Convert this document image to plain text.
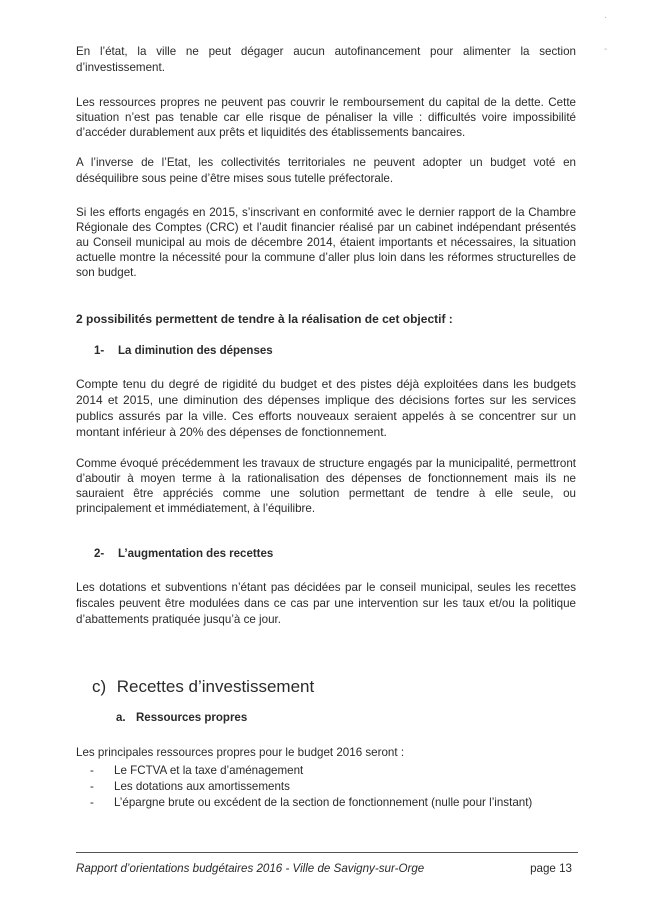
En l’état, la ville ne peut dégager aucun autofinancement pour alimenter la section d’investissement.

Les ressources propres ne peuvent pas couvrir le remboursement du capital de la dette. Cette situation n’est pas tenable car elle risque de pénaliser la ville : difficultés voire impossibilité d’accéder durablement aux prêts et liquidités des établissements bancaires.

A l’inverse de l’Etat, les collectivités territoriales ne peuvent adopter un budget voté en déséquilibre sous peine d’être mises sous tutelle préfectorale.

Si les efforts engagés en 2015, s’inscrivant en conformité avec le dernier rapport de la Chambre Régionale des Comptes (CRC) et l’audit financier réalisé par un cabinet indépendant présentés au Conseil municipal au mois de décembre 2014, étaient importants et nécessaires, la situation actuelle montre la nécessité pour la commune d’aller plus loin dans les réformes structurelles de son budget.

2 possibilités permettent de tendre à la réalisation de cet objectif :

1- La diminution des dépenses

Compte tenu du degré de rigidité du budget et des pistes déjà exploitées dans les budgets 2014 et 2015, une diminution des dépenses implique des décisions fortes sur les services publics assurés par la ville. Ces efforts nouveaux seraient appelés à se concentrer sur un montant inférieur à 20% des dépenses de fonctionnement.

Comme évoqué précédemment les travaux de structure engagés par la municipalité, permettront d’aboutir à moyen terme à la rationalisation des dépenses de fonctionnement mais ils ne sauraient être appréciés comme une solution permettant de tendre à elle seule, ou principalement et immédiatement, à l’équilibre.

2- L’augmentation des recettes

Les dotations et subventions n’étant pas décidées par le conseil municipal, seules les recettes fiscales peuvent être modulées dans ce cas par une intervention sur les taux et/ou la politique d’abattements pratiquée jusqu’à ce jour.

c) Recettes d’investissement

a. Ressources propres

Les principales ressources propres pour le budget 2016 seront :

- Le FCTVA et la taxe d’aménagement
- Les dotations aux amortissements
- L’épargne brute ou excédent de la section de fonctionnement (nulle pour l’instant)
Rapport d’orientations budgétaires 2016 - Ville de Savigny-sur-Orge	page 13
·
-
